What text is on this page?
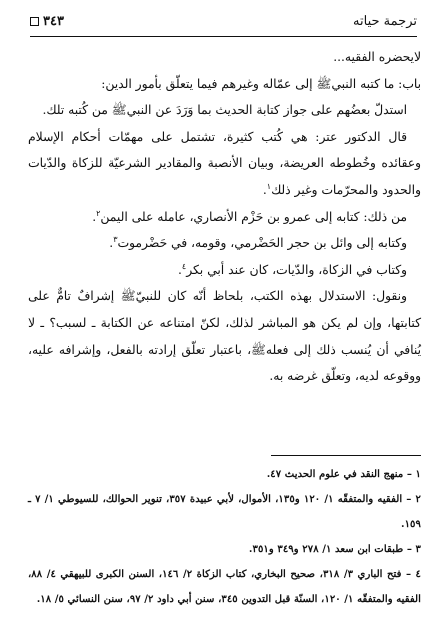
ترجمة حياته
٣٤٣

لايحضره الفقيه...

باب: ما كتبه النبيﷺ إلى عمّاله وغيرهم فيما يتعلّق بأمور الدين:

استدلّ بعضُهم على جواز كتابة الحديث بما وَرَدَ عن النبيﷺ من كُتبه تلك.

قال الدكتور عتر: هي كُتب كثيرة، تشتمل على مهمّات أحكام الإسلام وعقائده وخُطوطه العريضة، وبيان الأنصبة والمقادير الشرعيّة للزكاة والدّيات والحدود والمحرّمات وغير ذلك$^١$.

من ذلك: كتابه إلى عمرو بن حَزْم الأنصاري، عامله على اليمن$^٢$.

وكتابه إلى وائل بن حجر الحَضْرمي، وقومه، في حَضْرموت$^٣$.

وكتاب في الزكاة، والدّيات، كان عند أبي بكر$^٤$.

ونقول: الاستدلال بهذه الكتب، بلحاظ أنّه كان للنبيّﷺ إشرافٌ تامٌّ على كتابتها، وإن لم يكن هو المباشر لذلك، لكنّ امتناعه عن الكتابة ـ لسبب؟ ـ لا يُنافي أن يُنسب ذلك إلى فعلهﷺ، باعتبار تعلّق إرادته بالفعل، وإشرافه عليه، ووقوعه لديه، وتعلّق غرضه به.

١ – منهج النقد في علوم الحديث ٤٧.

٢ – الفقيه والمتفقّه ١/ ١٢٠ و١٣٥، الأموال، لأبي عبيدة ٣٥٧، تنوير الحوالك، للسيوطي ١/ ٧ ـ ١٥٩.

٣ – طبقات ابن سعد ١/ ٢٧٨ و٣٤٩ و٣٥١.

٤ – فتح الباري ٣/ ٣١٨، صحيح البخاري، كتاب الزكاة ٢/ ١٤٦، السنن الكبرى للبيهقي ٤/ ٨٨، الفقيه والمتفقّه ١/ ١٢٠، السنّة قبل التدوين ٣٤٥، سنن أبي داود ٢/ ٩٧، سنن النسائي ٥/ ١٨.
